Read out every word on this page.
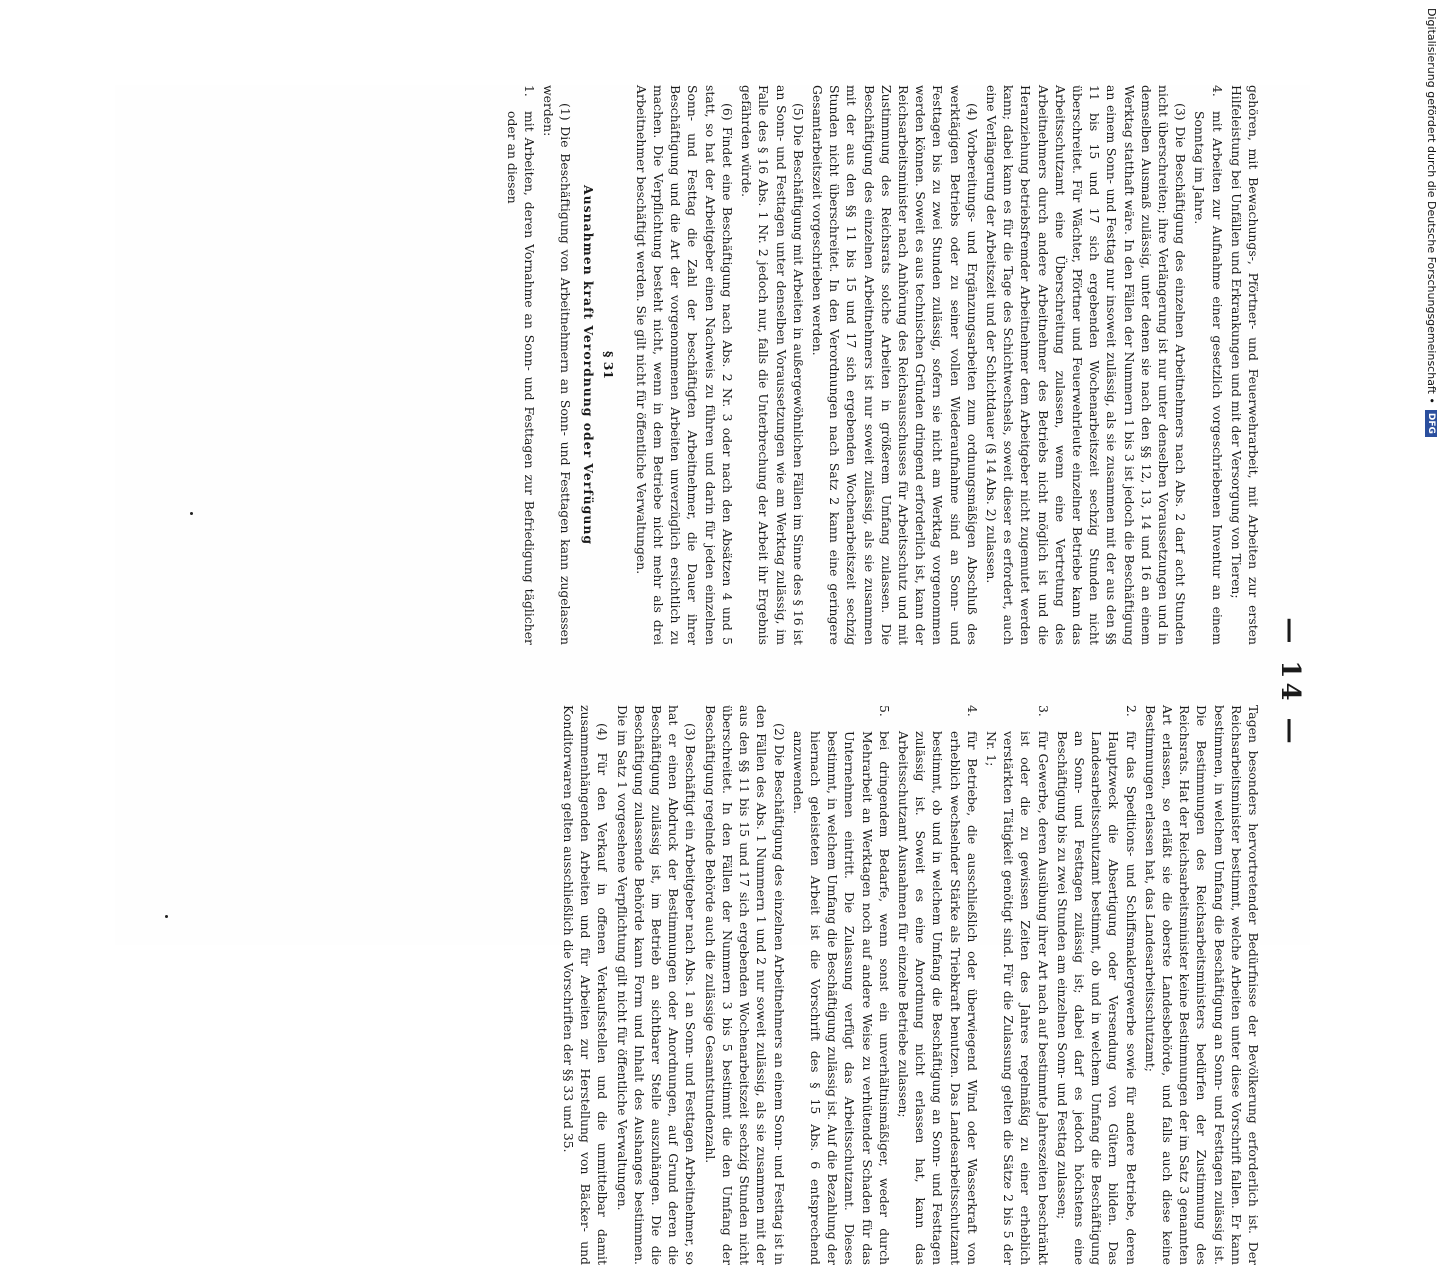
— 14 —

gehören, mit Bewachungs-, Pförtner- und Feuerwehrarbeit, mit Arbeiten zur ersten Hilfeleistung bei Unfällen und Erkrankungen und mit der Versorgung von Tieren;

4.
mit Arbeiten zur Aufnahme einer gesetzlich vorgeschriebenen Inventur an einem Sonntag im Jahre.

(3) Die Beschäftigung des einzelnen Arbeitnehmers nach Abs. 2 darf acht Stunden nicht überschreiten; ihre Verlängerung ist nur unter denselben Voraussetzungen und in demselben Ausmaß zulässig, unter denen sie nach den §§ 12, 13, 14 und 16 an einem Werktag statthaft wäre. In den Fällen der Nummern 1 bis 3 ist jedoch die Beschäftigung an einem Sonn- und Festtag nur insoweit zulässig, als sie zusammen mit der aus den §§ 11 bis 15 und 17 sich ergebenden Wochenarbeitszeit sechzig Stunden nicht überschreitet. Für Wächter, Pförtner und Feuerwehrleute einzelner Betriebe kann das Arbeitsschutzamt eine Überschreitung zulassen, wenn eine Vertretung des Arbeitnehmers durch andere Arbeitnehmer des Betriebs nicht möglich ist und die Heranziehung betriebsfremder Arbeitnehmer dem Arbeitgeber nicht zugemutet werden kann; dabei kann es für die Tage des Schichtwechsels, soweit dieser es erfordert, auch eine Verlängerung der Arbeitszeit und der Schichtdauer (§ 14 Abs. 2) zulassen.

(4) Vorbereitungs- und Ergänzungsarbeiten zum ordnungsmäßigen Abschluß des werktägigen Betriebs oder zu seiner vollen Wiederaufnahme sind an Sonn- und Festtagen bis zu zwei Stunden zulässig, sofern sie nicht am Werktag vorgenommen werden können. Soweit es aus technischen Gründen dringend erforderlich ist, kann der Reichsarbeitsminister nach Anhörung des Reichsausschusses für Arbeitsschutz und mit Zustimmung des Reichsrats solche Arbeiten in größerem Umfang zulassen. Die Beschäftigung des einzelnen Arbeitnehmers ist nur soweit zulässig, als sie zusammen mit der aus den §§ 11 bis 15 und 17 sich ergebenden Wochenarbeitszeit sechzig Stunden nicht überschreitet. In den Verordnungen nach Satz 2 kann eine geringere Gesamtarbeitszeit vorgeschrieben werden.

(5) Die Beschäftigung mit Arbeiten in außergewöhnlichen Fällen im Sinne des § 16 ist an Sonn- und Festtagen unter denselben Voraussetzungen wie am Werktag zulässig, im Falle des § 16 Abs. 1 Nr. 2 jedoch nur, falls die Unterbrechung der Arbeit ihr Ergebnis gefährden würde.

(6) Findet eine Beschäftigung nach Abs. 2 Nr. 3 oder nach den Absätzen 4 und 5 statt, so hat der Arbeitgeber einen Nachweis zu führen und darin für jeden einzelnen Sonn- und Festtag die Zahl der beschäftigten Arbeitnehmer, die Dauer ihrer Beschäftigung und die Art der vorgenommenen Arbeiten unverzüglich ersichtlich zu machen. Die Verpflichtung besteht nicht, wenn in dem Betriebe nicht mehr als drei Arbeitnehmer beschäftigt werden. Sie gilt nicht für öffentliche Verwaltungen.

§ 31
Ausnahmen kraft Verordnung oder Verfügung

(1) Die Beschäftigung von Arbeitnehmern an Sonn- und Festtagen kann zugelassen werden:

1.
mit Arbeiten, deren Vornahme an Sonn- und Festtagen zur Befriedigung täglicher oder an diesen

Tagen besonders hervortretender Bedürfnisse der Bevölkerung erforderlich ist. Der Reichsarbeitsminister bestimmt, welche Arbeiten unter diese Vorschrift fallen. Er kann bestimmen, in welchem Umfang die Beschäftigung an Sonn- und Festtagen zulässig ist. Die Bestimmungen des Reichsarbeitsministers bedürfen der Zustimmung des Reichsrats. Hat der Reichsarbeitsminister keine Bestimmungen der im Satz 3 genannten Art erlassen, so erläßt sie die oberste Landesbehörde, und falls auch diese keine Bestimmungen erlassen hat, das Landesarbeitsschutzamt;

2.
für das Speditions- und Schiffsmaklergewerbe sowie für andere Betriebe, deren Hauptzweck die Absertigung oder Versendung von Gütern bilden. Das Landesarbeitsschutzamt bestimmt, ob und in welchem Umfang die Beschäftigung an Sonn- und Festtagen zulässig ist; dabei darf es jedoch höchstens eine Beschäftigung bis zu zwei Stunden am einzelnen Sonn- und Festtag zulassen;

3.
für Gewerbe, deren Ausübung ihrer Art nach auf bestimmte Jahreszeiten beschränkt ist oder die zu gewissen Zeiten des Jahres regelmäßig zu einer erheblich verstärkten Tätigkeit genötigt sind. Für die Zulassung gelten die Sätze 2 bis 5 der Nr. 1;

4.
für Betriebe, die ausschließlich oder überwiegend Wind oder Wasserkraft von erheblich wechselnder Stärke als Triebkraft benutzen. Das Landesarbeitsschutzamt bestimmt, ob und in welchem Umfang die Beschäftigung an Sonn- und Festtagen zulässig ist. Soweit es eine Anordnung nicht erlassen hat, kann das Arbeitsschutzamt Ausnahmen für einzelne Betriebe zulassen;

5.
bei dringendem Bedarfe, wenn sonst ein unverhältnismäßiger, weder durch Mehrarbeit an Werktagen noch auf andere Weise zu verhütender Schaden für das Unternehmen eintritt. Die Zulassung verfügt das Arbeitsschutzamt. Dieses bestimmt, in welchem Umfang die Beschäftigung zulässig ist. Auf die Bezahlung der hiernach geleisteten Arbeit ist die Vorschrift des § 15 Abs. 6 entsprechend anzuwenden.

(2) Die Beschäftigung des einzelnen Arbeitnehmers an einem Sonn- und Festtag ist in den Fällen des Abs. 1 Nummern 1 und 2 nur soweit zulässig, als sie zusammen mit der aus den §§ 11 bis 15 und 17 sich ergebenden Wochenarbeitszeit sechzig Stunden nicht überschreitet. In den Fällen der Nummern 3 bis 5 bestimmt die den Umfang der Beschäftigung regelnde Behörde auch die zulässige Gesamtstundenzahl.

(3) Beschäftigt ein Arbeitgeber nach Abs. 1 an Sonn- und Festtagen Arbeitnehmer, so hat er einen Abdruck der Bestimmungen oder Anordnungen, auf Grund deren die Beschäftigung zulässig ist, im Betrieb an sichtbarer Stelle auszuhängen. Die die Beschäftigung zulassende Behörde kann Form und Inhalt des Aushanges bestimmen. Die im Satz 1 vorgesehene Verpflichtung gilt nicht für öffentliche Verwaltungen.

(4) Für den Verkauf in offenen Verkaufsstellen und die unmittelbar damit zusammenhängenden Arbeiten und für Arbeiten zur Herstellung von Bäcker- und Konditorwaren gelten ausschließlich die Vorschriften der §§ 33 und 35.

Digitalisierung gefördert durch die Deutsche Forschungsgemeinschaft •
DFG
